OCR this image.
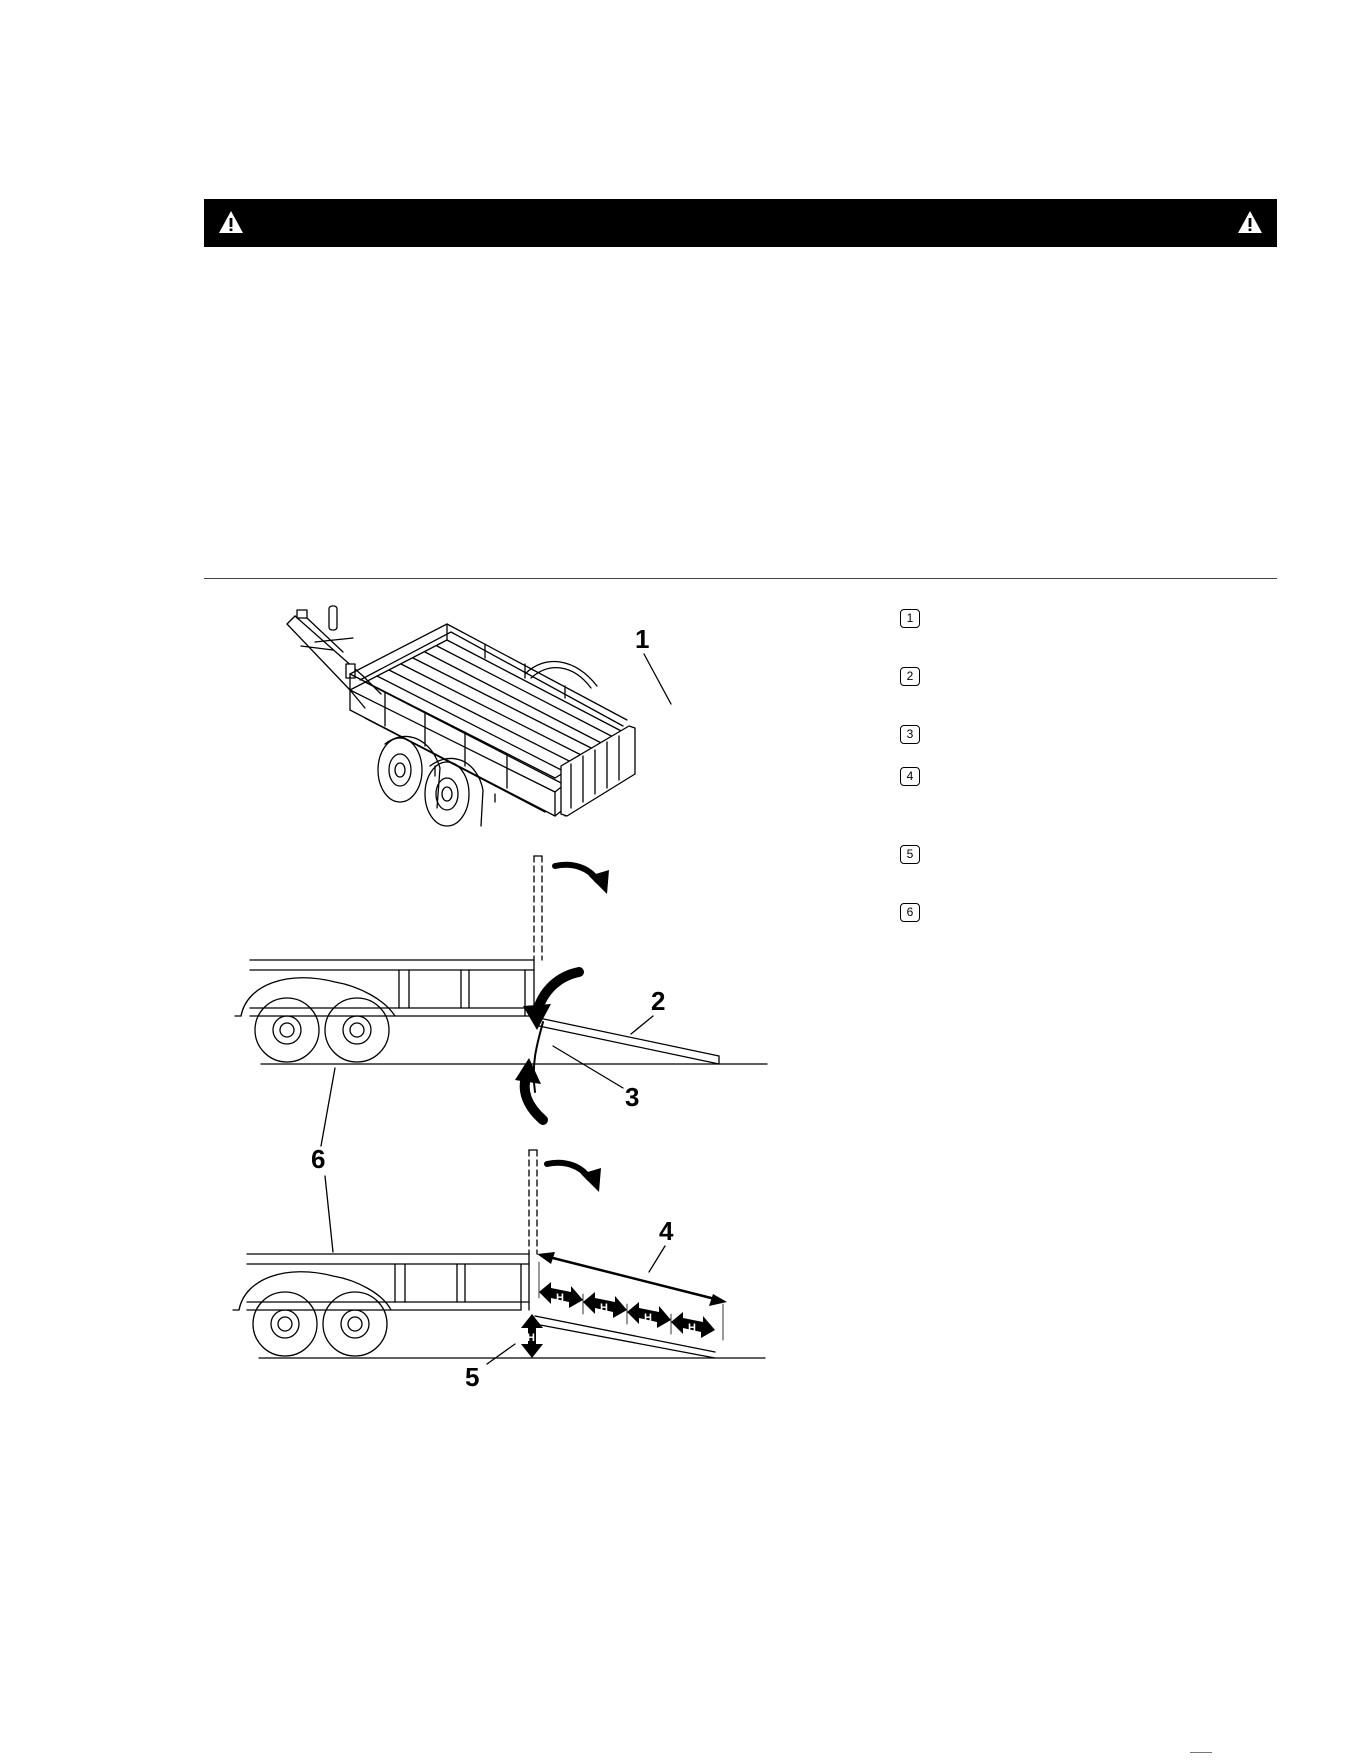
1
2
3
6
H
H
H
H
H
4
5
1
2
3
4
5
6
